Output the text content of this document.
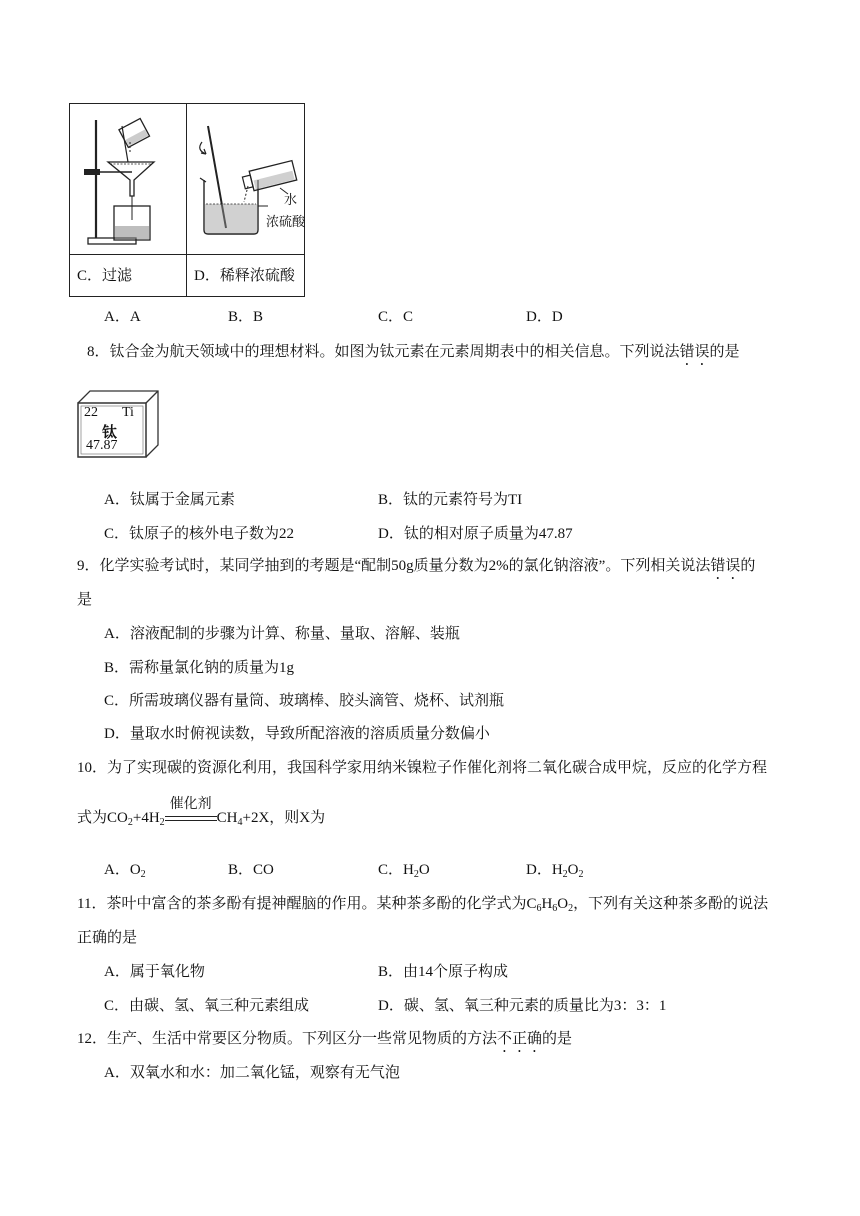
水
浓硫酸
C．过滤	D．稀释浓硫酸
A．A	B．B	C．C	D．D
8．钛合金为航天领域中的理想材料。如图为钛元素在元素周期表中的相关信息。下列说法错误的是
22 Ti
钛
47.87
A．钛属于金属元素	B．钛的元素符号为TI
C．钛原子的核外电子数为22	D．钛的相对原子质量为47.87
9．化学实验考试时，某同学抽到的考题是“配制50g质量分数为2%的氯化钠溶液”。下列相关说法错误的
是
A．溶液配制的步骤为计算、称量、量取、溶解、装瓶
B．需称量氯化钠的质量为1g
C．所需玻璃仪器有量筒、玻璃棒、胶头滴管、烧杯、试剂瓶
D．量取水时俯视读数，导致所配溶液的溶质质量分数偏小
10．为了实现碳的资源化利用，我国科学家用纳米镍粒子作催化剂将二氧化碳合成甲烷，反应的化学方程
式为$CO_2+4H_2$
催化剂
$CH_4+2X$，则X为
A．$O_2$	B．CO	C．$H_2O$	D．$H_2O_2$
11．茶叶中富含的茶多酚有提神醒脑的作用。某种茶多酚的化学式为$C_6H_6O_2$，下列有关这种茶多酚的说法
正确的是
A．属于氧化物	B．由14个原子构成
C．由碳、氢、氧三种元素组成	D．碳、氢、氧三种元素的质量比为3：3：1
12．生产、生活中常要区分物质。下列区分一些常见物质的方法不正确的是
A．双氧水和水：加二氧化锰，观察有无气泡
